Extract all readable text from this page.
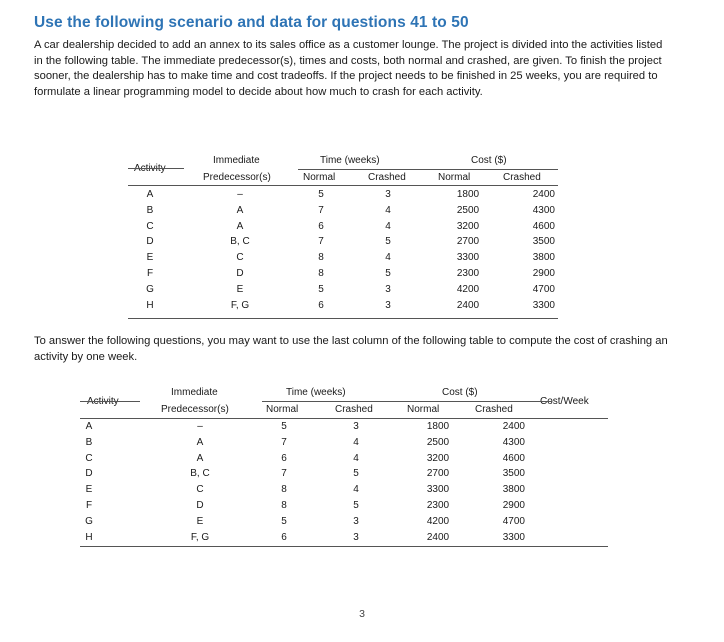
Use the following scenario and data for questions 41 to 50

A car dealership decided to add an annex to its sales office as a customer lounge. The project is divided into the activities listed in the following table. The immediate predecessor(s), times and costs, both normal and crashed, are given. To finish the project sooner, the dealership has to make time and cost tradeoffs. If the project needs to be finished in 25 weeks, you are required to formulate a linear programming model to decide about how much to crash for each activity.

Activity
Immediate
Predecessor(s)
Time (weeks)	Cost ($)
Normal	Crashed	Normal	Crashed
A	–	5	3	1800	2400
B	A	7	4	2500	4300
C	A	6	4	3200	4600
D	B, C	7	5	2700	3500
E	C	8	4	3300	3800
F	D	8	5	2300	2900
G	E	5	3	4200	4700
H	F, G	6	3	2400	3300

To answer the following questions, you may want to use the last column of the following table to compute the cost of crashing an activity by one week.

Activity
Immediate
Predecessor(s)
Time (weeks)	Cost ($)
Normal	Crashed	Normal	Crashed
Cost/Week
A	–	5	3	1800	2400
B	A	7	4	2500	4300
C	A	6	4	3200	4600
D	B, C	7	5	2700	3500
E	C	8	4	3300	3800
F	D	8	5	2300	2900
G	E	5	3	4200	4700
H	F, G	6	3	2400	3300
3
